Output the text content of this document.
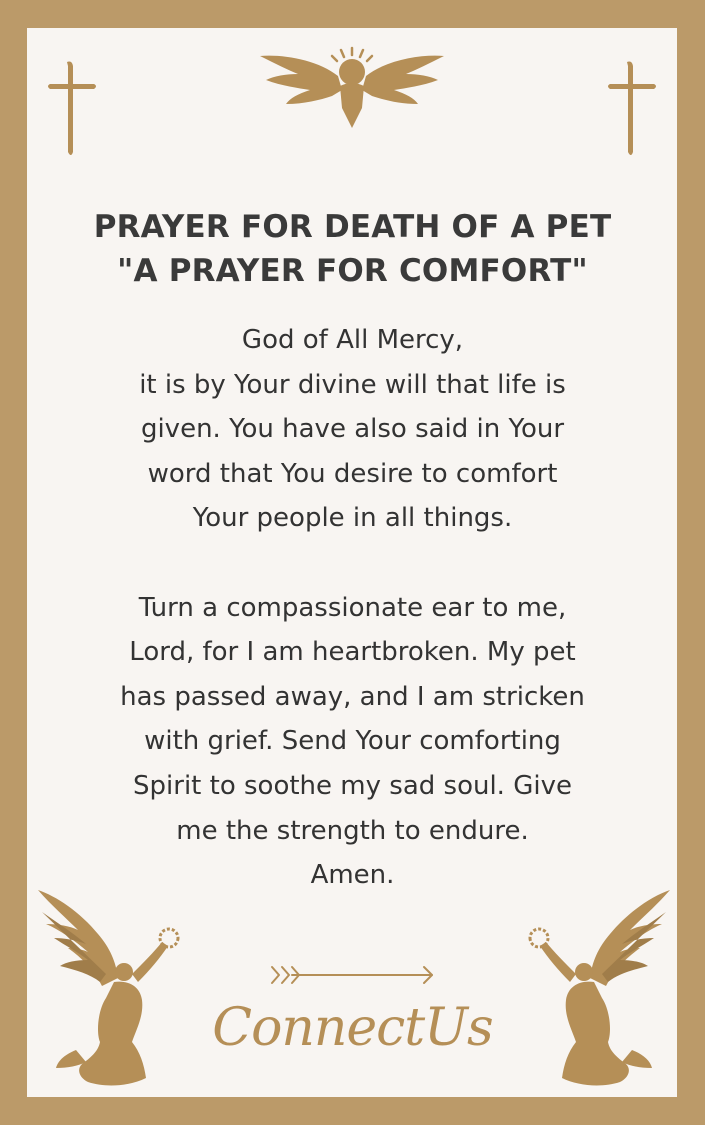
PRAYER FOR DEATH OF A PET
"A PRAYER FOR COMFORT"
God of All Mercy,
it is by Your divine will that life is
given. You have also said in Your
word that You desire to comfort
Your people in all things.
Turn a compassionate ear to me,
Lord, for I am heartbroken. My pet
has passed away, and I am stricken
with grief. Send Your comforting
Spirit to soothe my sad soul. Give
me the strength to endure.
Amen.
ConnectUs
